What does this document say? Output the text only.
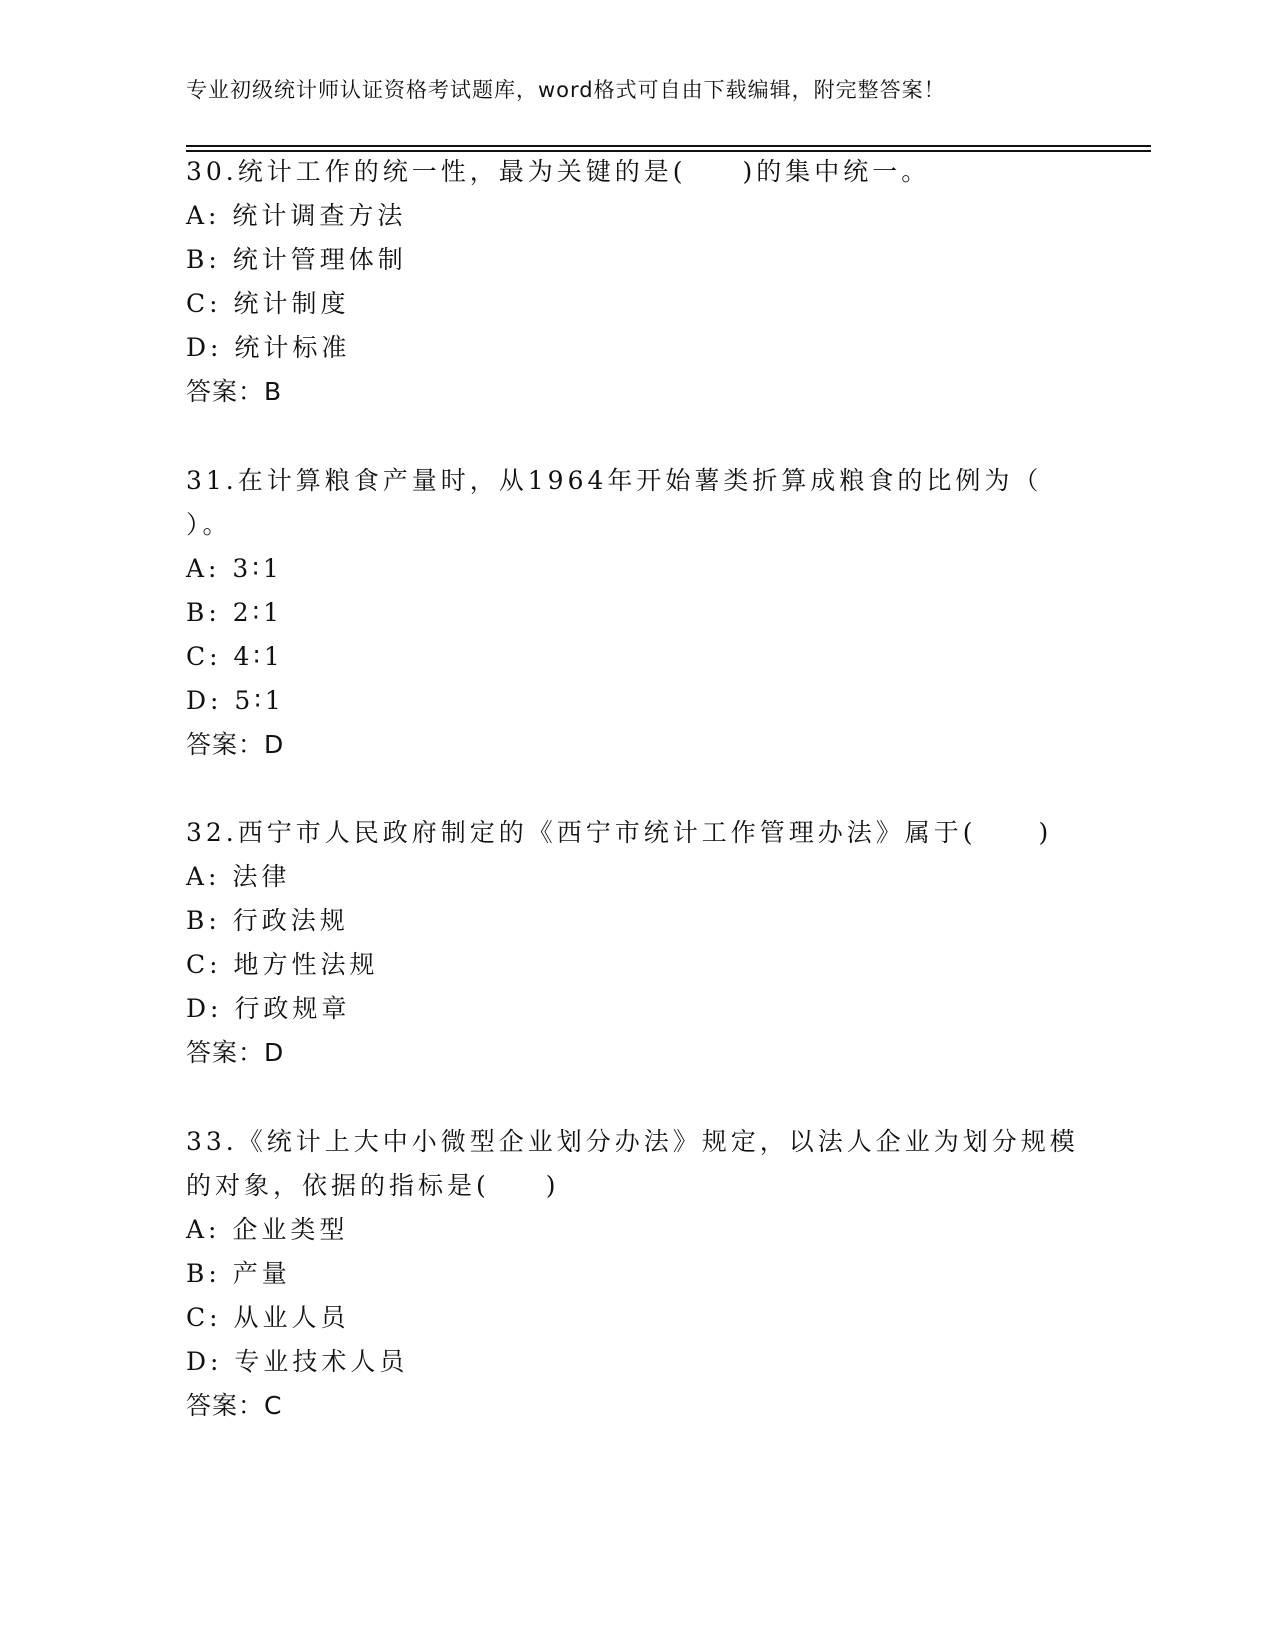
专业初级统计师认证资格考试题库，word格式可自由下载编辑，附完整答案！
30.统计工作的统一性，最为关键的是( )的集中统一。
A: 统计调查方法
B: 统计管理体制
C: 统计制度
D: 统计标准
答案：B
31.在计算粮食产量时，从1964年开始薯类折算成粮食的比例为（
）。
A: 3∶1
B: 2∶1
C: 4∶1
D: 5∶1
答案：D
32.西宁市人民政府制定的《西宁市统计工作管理办法》属于( )
A: 法律
B: 行政法规
C: 地方性法规
D: 行政规章
答案：D
33.《统计上大中小微型企业划分办法》规定，以法人企业为划分规模
的对象，依据的指标是( )
A: 企业类型
B: 产量
C: 从业人员
D: 专业技术人员
答案：C
